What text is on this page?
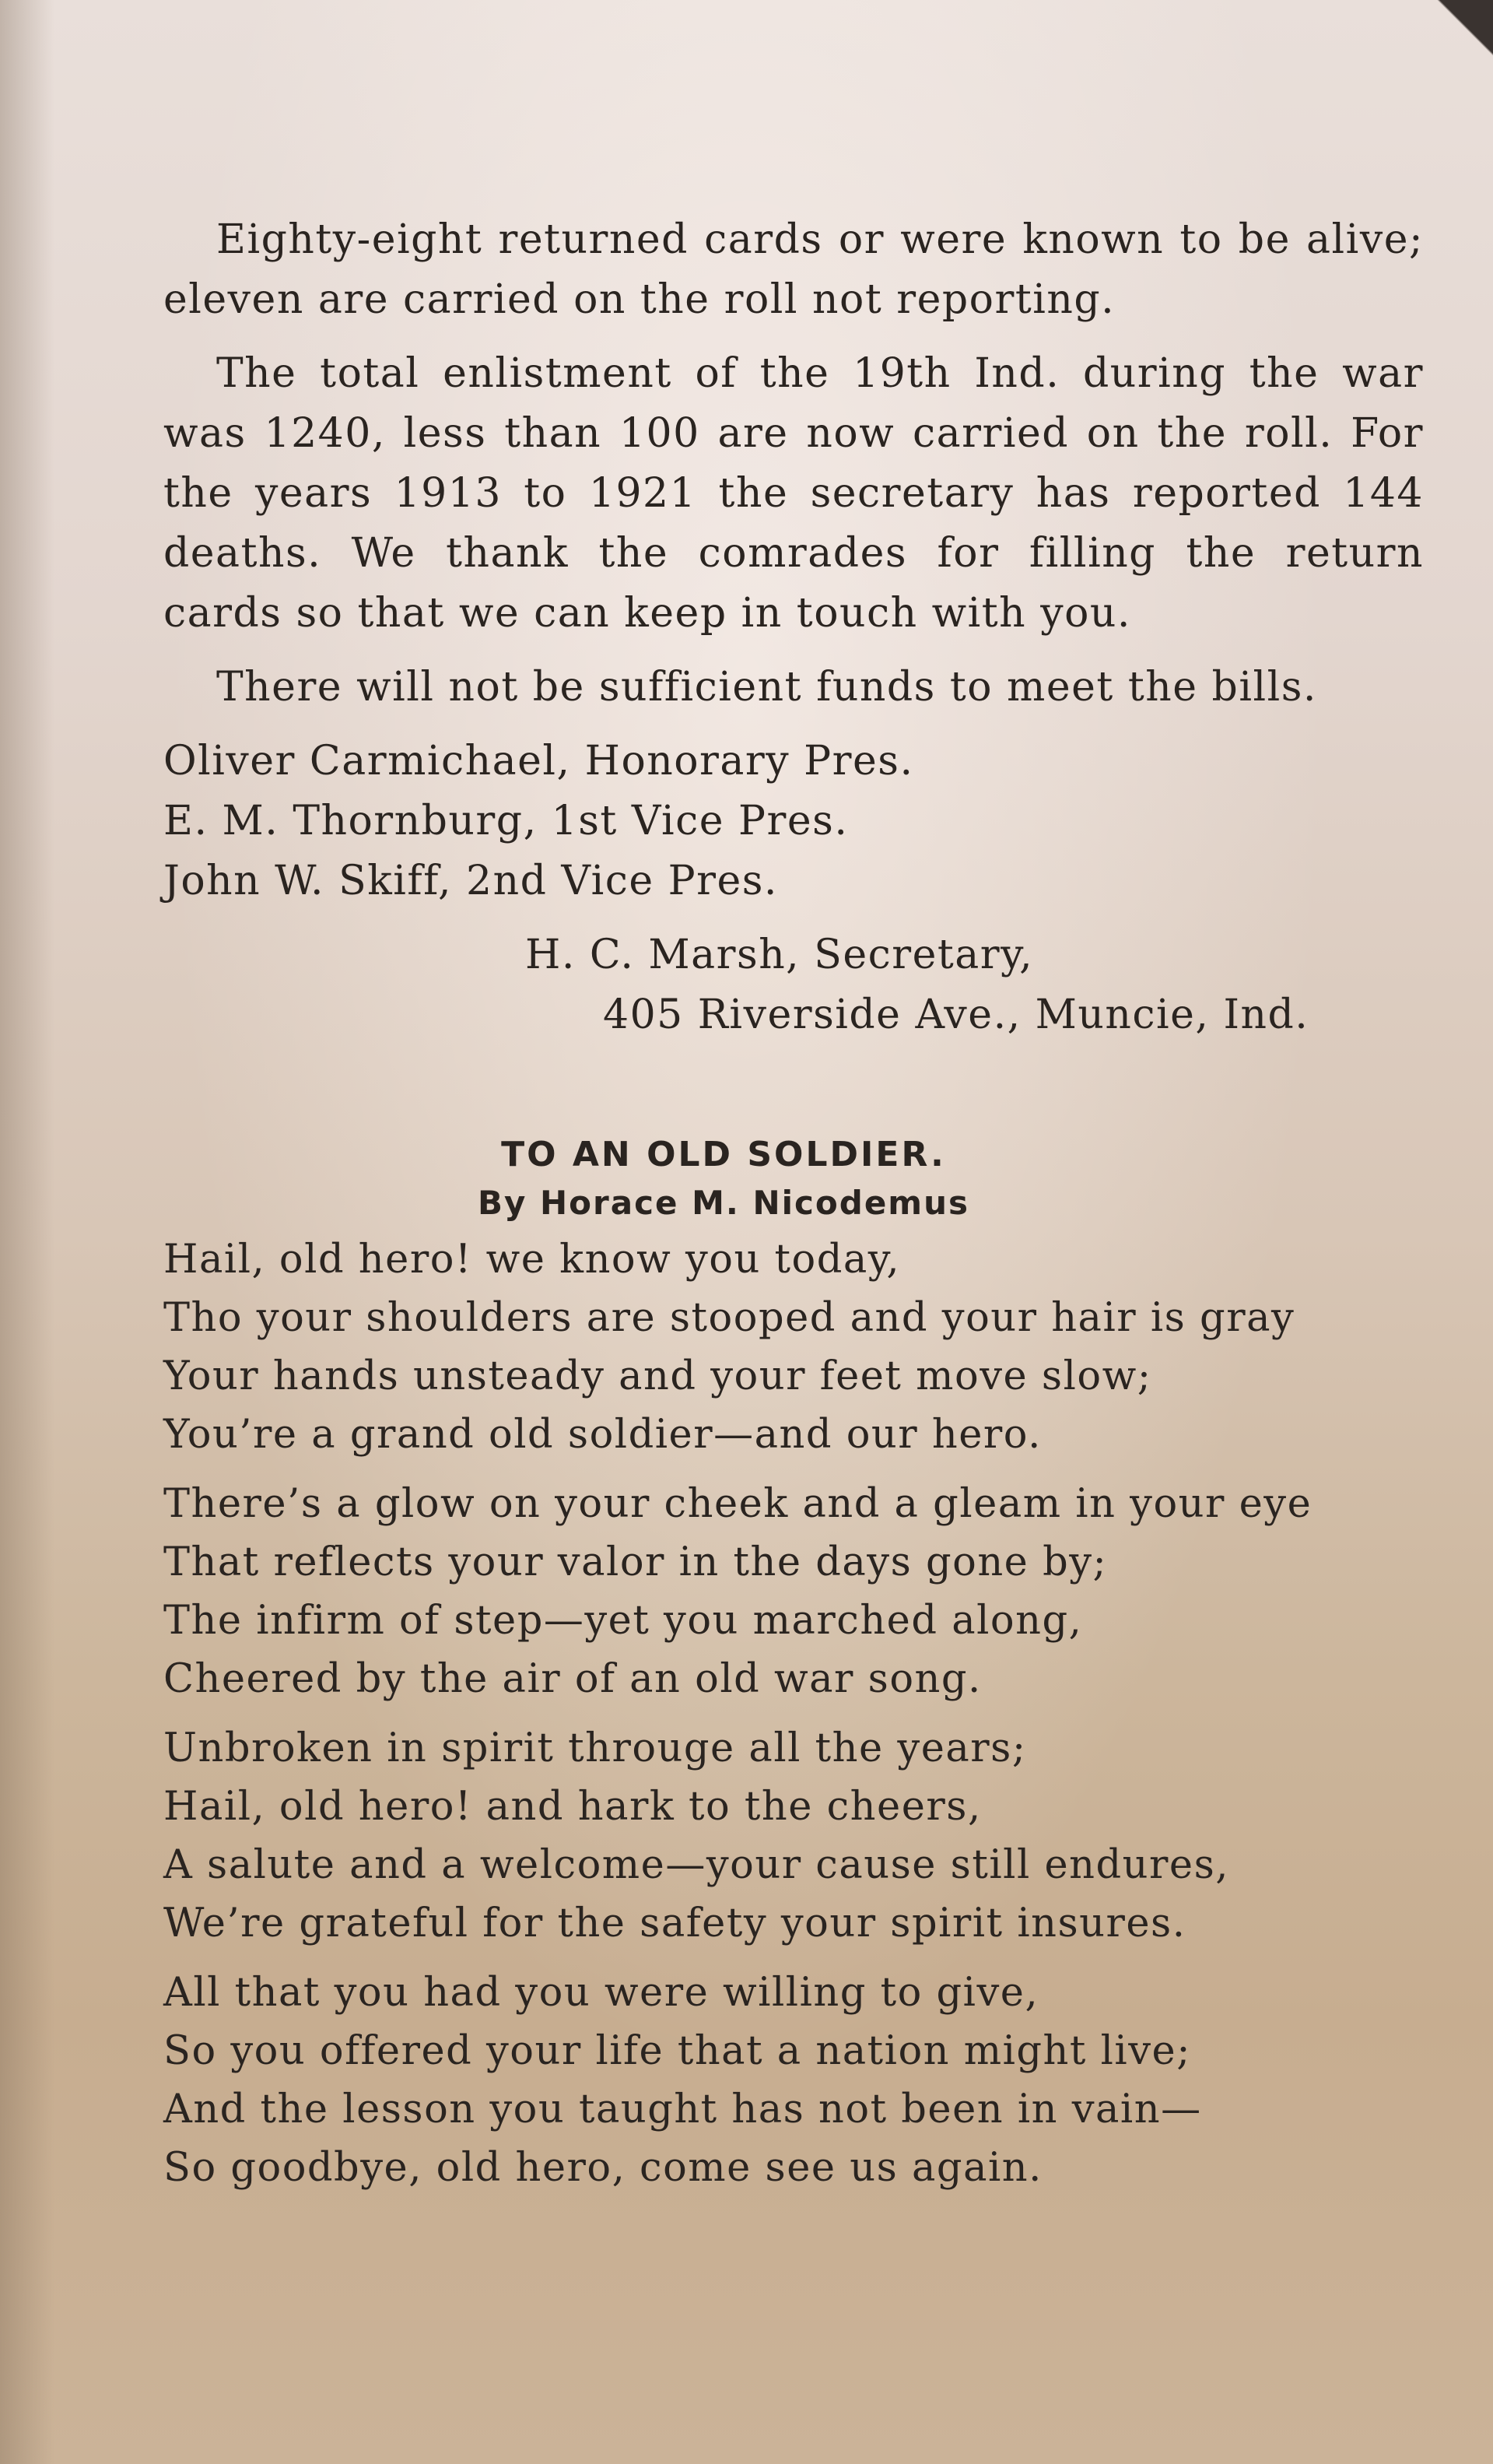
Eighty-eight returned cards or were known to be alive; eleven are carried on the roll not reporting.

The total enlistment of the 19th Ind. during the war was 1240, less than 100 are now carried on the roll. For the years 1913 to 1921 the secretary has reported 144 deaths. We thank the comrades for filling the return cards so that we can keep in touch with you.

There will not be sufficient funds to meet the bills.

Oliver Carmichael, Honorary Pres.

E. M. Thornburg, 1st Vice Pres.

John W. Skiff, 2nd Vice Pres.

H. C. Marsh, Secretary,

405 Riverside Ave., Muncie, Ind.

TO AN OLD SOLDIER.
By Horace M. Nicodemus
Hail, old hero! we know you today,
Tho your shoulders are stooped and your hair is gray
Your hands unsteady and your feet move slow;
You’re a grand old soldier—and our hero.
There’s a glow on your cheek and a gleam in your eye
That reflects your valor in the days gone by;
The infirm of step—yet you marched along,
Cheered by the air of an old war song.
Unbroken in spirit througe all the years;
Hail, old hero! and hark to the cheers,
A salute and a welcome—your cause still endures,
We’re grateful for the safety your spirit insures.
All that you had you were willing to give,
So you offered your life that a nation might live;
And the lesson you taught has not been in vain—
So goodbye, old hero, come see us again.
